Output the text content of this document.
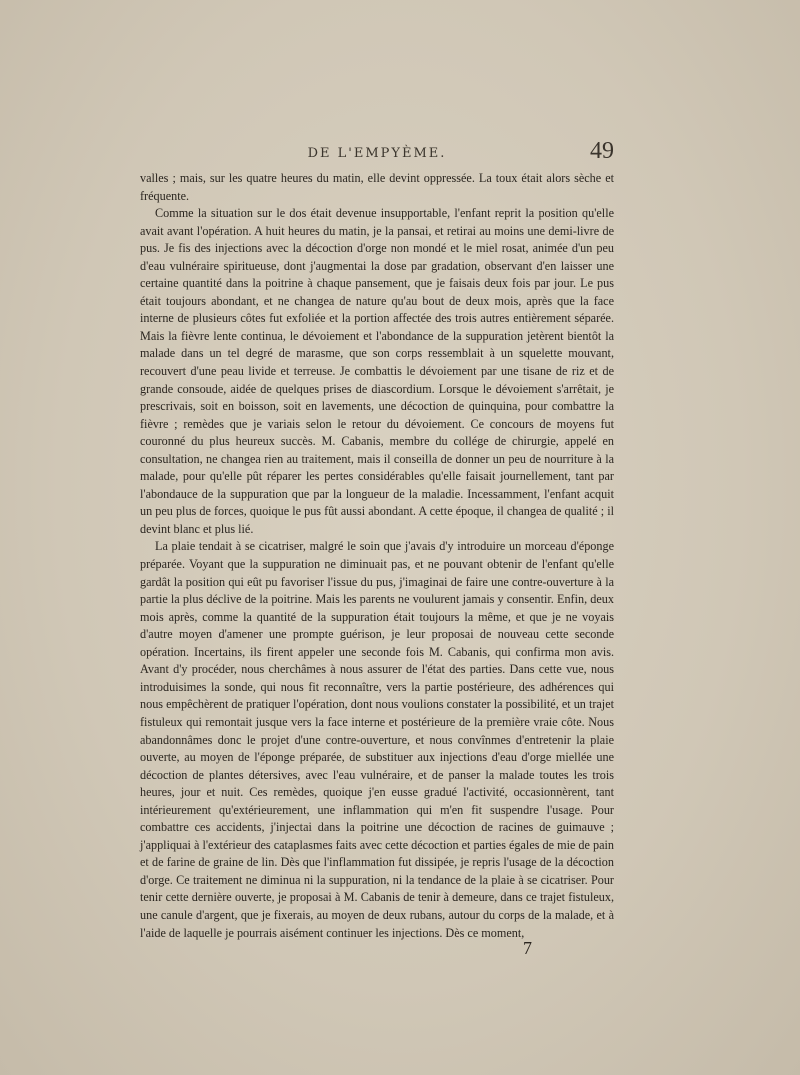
DE L'EMPYÈME.	49

valles ; mais, sur les quatre heures du matin, elle devint oppressée. La toux était alors sèche et fréquente.

Comme la situation sur le dos était devenue insupportable, l'enfant reprit la position qu'elle avait avant l'opération. A huit heures du matin, je la pansai, et retirai au moins une demi-livre de pus. Je fis des injections avec la décoction d'orge non mondé et le miel rosat, animée d'un peu d'eau vulnéraire spiritueuse, dont j'augmentai la dose par gradation, observant d'en laisser une certaine quantité dans la poitrine à chaque pansement, que je faisais deux fois par jour. Le pus était toujours abondant, et ne changea de nature qu'au bout de deux mois, après que la face interne de plusieurs côtes fut exfoliée et la portion affectée des trois autres entièrement séparée. Mais la fièvre lente continua, le dévoiement et l'abondance de la suppuration jetèrent bientôt la malade dans un tel degré de marasme, que son corps ressemblait à un squelette mouvant, recouvert d'une peau livide et terreuse. Je combattis le dévoiement par une tisane de riz et de grande consoude, aidée de quelques prises de diascordium. Lorsque le dévoiement s'arrêtait, je prescrivais, soit en boisson, soit en lavements, une décoction de quinquina, pour combattre la fièvre ; remèdes que je variais selon le retour du dévoiement. Ce concours de moyens fut couronné du plus heureux succès. M. Cabanis, membre du collége de chirurgie, appelé en consultation, ne changea rien au traitement, mais il conseilla de donner un peu de nourriture à la malade, pour qu'elle pût réparer les pertes considérables qu'elle faisait journellement, tant par l'abondauce de la suppuration que par la longueur de la maladie. Incessamment, l'enfant acquit un peu plus de forces, quoique le pus fût aussi abondant. A cette époque, il changea de qualité ; il devint blanc et plus lié.

La plaie tendait à se cicatriser, malgré le soin que j'avais d'y introduire un morceau d'éponge préparée. Voyant que la suppuration ne diminuait pas, et ne pouvant obtenir de l'enfant qu'elle gardât la position qui eût pu favoriser l'issue du pus, j'imaginai de faire une contre-ouverture à la partie la plus déclive de la poitrine. Mais les parents ne voulurent jamais y consentir. Enfin, deux mois après, comme la quantité de la suppuration était toujours la même, et que je ne voyais d'autre moyen d'amener une prompte guérison, je leur proposai de nouveau cette seconde opération. Incertains, ils firent appeler une seconde fois M. Cabanis, qui confirma mon avis. Avant d'y procéder, nous cherchâmes à nous assurer de l'état des parties. Dans cette vue, nous introduisimes la sonde, qui nous fit reconnaître, vers la partie postérieure, des adhérences qui nous empêchèrent de pratiquer l'opération, dont nous voulions constater la possibilité, et un trajet fistuleux qui remontait jusque vers la face interne et postérieure de la première vraie côte. Nous abandonnâmes donc le projet d'une contre-ouverture, et nous convînmes d'entretenir la plaie ouverte, au moyen de l'éponge préparée, de substituer aux injections d'eau d'orge miellée une décoction de plantes détersives, avec l'eau vulnéraire, et de panser la malade toutes les trois heures, jour et nuit. Ces remèdes, quoique j'en eusse gradué l'activité, occasionnèrent, tant intérieurement qu'extérieurement, une inflammation qui m'en fit suspendre l'usage. Pour combattre ces accidents, j'injectai dans la poitrine une décoction de racines de guimauve ; j'appliquai à l'extérieur des cataplasmes faits avec cette décoction et parties égales de mie de pain et de farine de graine de lin. Dès que l'inflammation fut dissipée, je repris l'usage de la décoction d'orge. Ce traitement ne diminua ni la suppuration, ni la tendance de la plaie à se cicatriser. Pour tenir cette dernière ouverte, je proposai à M. Cabanis de tenir à demeure, dans ce trajet fistuleux, une canule d'argent, que je fixerais, au moyen de deux rubans, autour du corps de la malade, et à l'aide de laquelle je pourrais aisément continuer les injections. Dès ce moment,

7
